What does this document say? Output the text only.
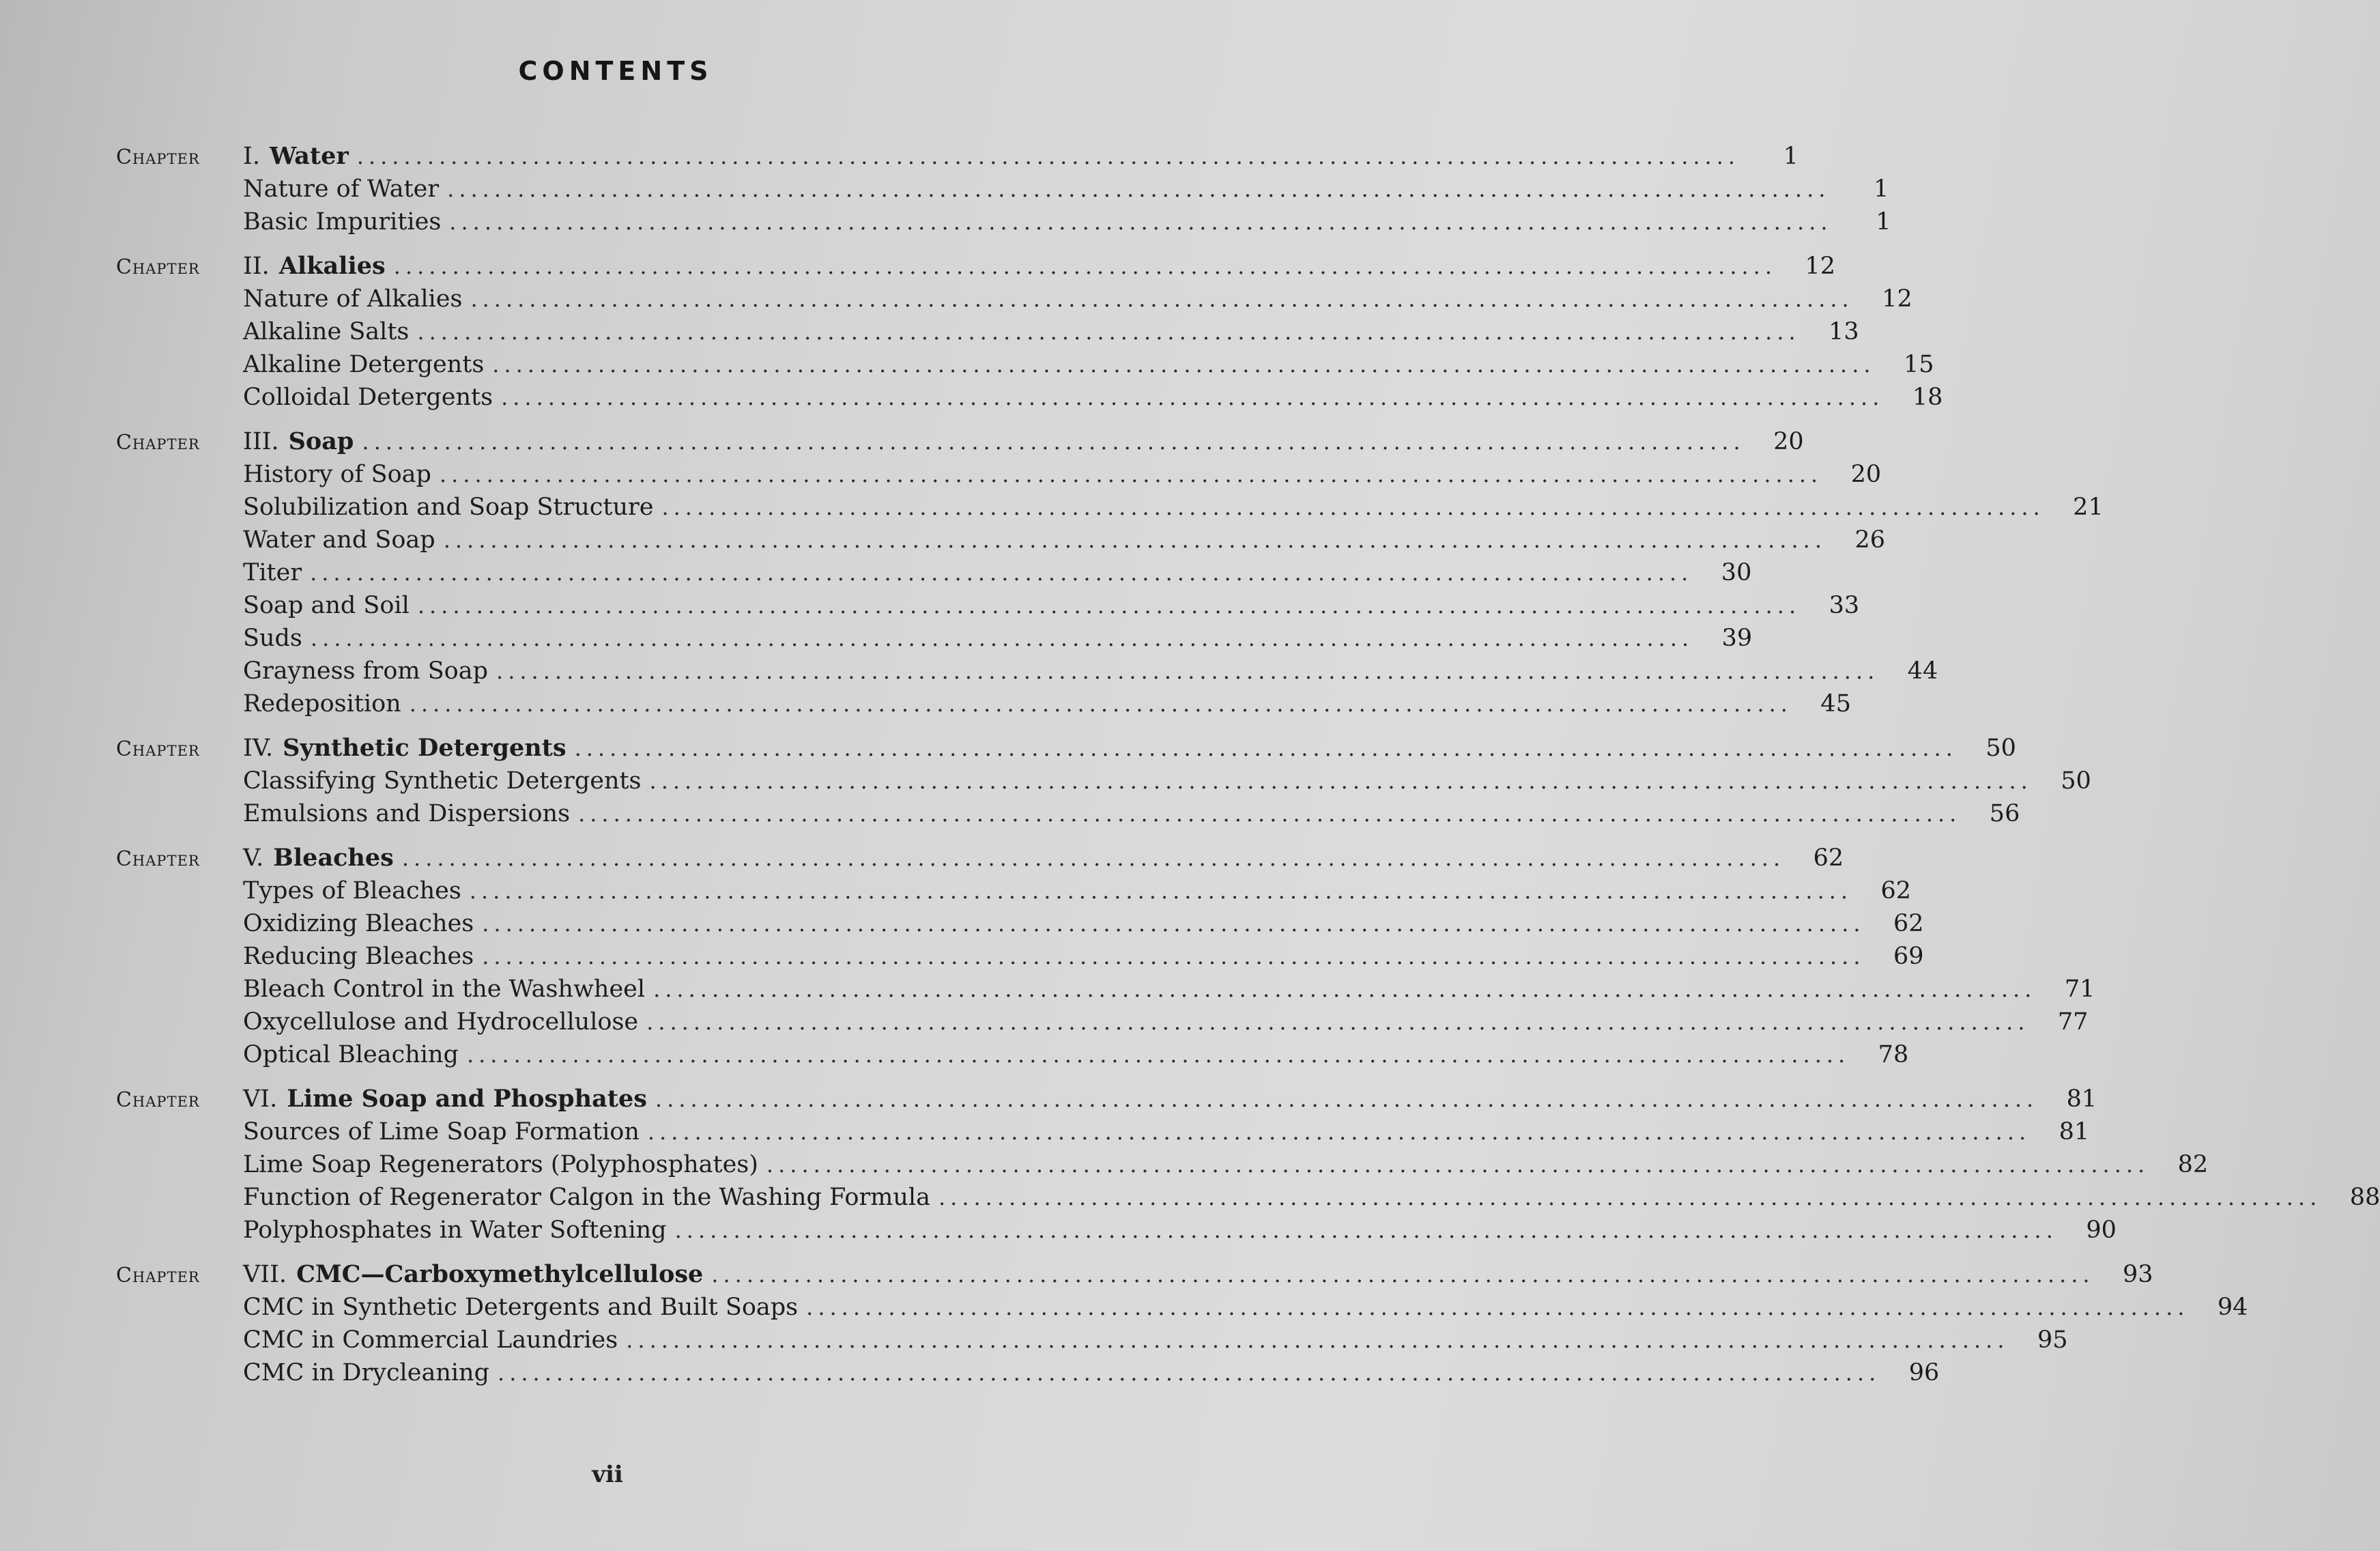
CONTENTS
Chapter	I. Water ......................................................................................................................	1
Nature of Water ......................................................................................................................	1
Basic Impurities ......................................................................................................................	1
Chapter	II. Alkalies ......................................................................................................................	12
Nature of Alkalies ......................................................................................................................	12
Alkaline Salts ......................................................................................................................	13
Alkaline Detergents ......................................................................................................................	15
Colloidal Detergents ......................................................................................................................	18
Chapter	III. Soap ......................................................................................................................	20
History of Soap ......................................................................................................................	20
Solubilization and Soap Structure ......................................................................................................................	21
Water and Soap ......................................................................................................................	26
Titer ......................................................................................................................	30
Soap and Soil ......................................................................................................................	33
Suds ......................................................................................................................	39
Grayness from Soap ......................................................................................................................	44
Redeposition ......................................................................................................................	45
Chapter	IV. Synthetic Detergents ......................................................................................................................	50
Classifying Synthetic Detergents ......................................................................................................................	50
Emulsions and Dispersions ......................................................................................................................	56
Chapter	V. Bleaches ......................................................................................................................	62
Types of Bleaches ......................................................................................................................	62
Oxidizing Bleaches ......................................................................................................................	62
Reducing Bleaches ......................................................................................................................	69
Bleach Control in the Washwheel ......................................................................................................................	71
Oxycellulose and Hydrocellulose ......................................................................................................................	77
Optical Bleaching ......................................................................................................................	78
Chapter	VI. Lime Soap and Phosphates ......................................................................................................................	81
Sources of Lime Soap Formation ......................................................................................................................	81
Lime Soap Regenerators (Polyphosphates) ......................................................................................................................	82
Function of Regenerator Calgon in the Washing Formula ......................................................................................................................	88
Polyphosphates in Water Softening ......................................................................................................................	90
Chapter	VII. CMC—Carboxymethylcellulose ......................................................................................................................	93
CMC in Synthetic Detergents and Built Soaps ......................................................................................................................	94
CMC in Commercial Laundries ......................................................................................................................	95
CMC in Drycleaning ......................................................................................................................	96
vii
